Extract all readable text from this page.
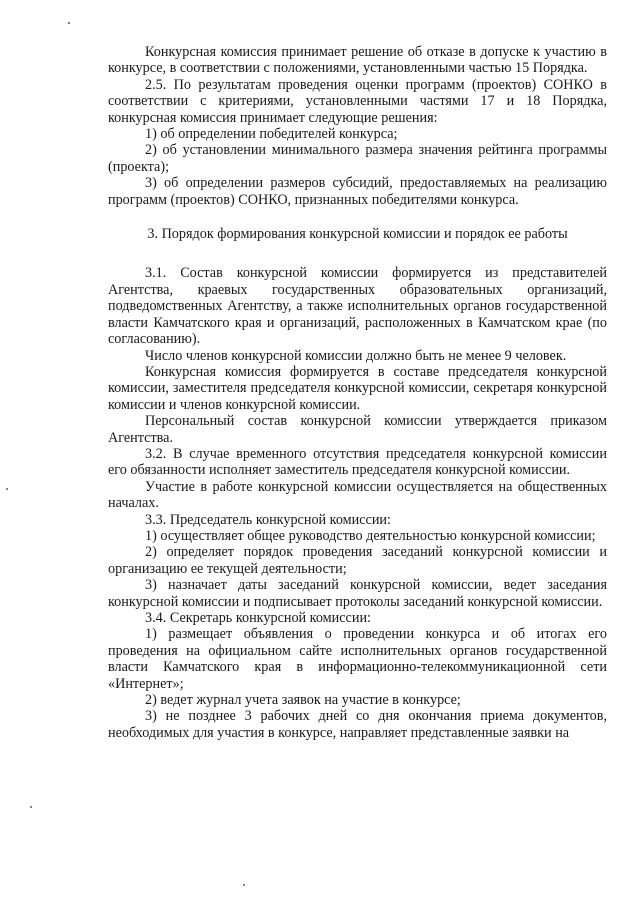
Конкурсная комиссия принимает решение об отказе в допуске к участию в конкурсе, в соответствии с положениями, установленными частью 15 Порядка.

2.5. По результатам проведения оценки программ (проектов) СОНКО в соответствии с критериями, установленными частями 17 и 18 Порядка, конкурсная комиссия принимает следующие решения:

1) об определении победителей конкурса;

2) об установлении минимального размера значения рейтинга программы (проекта);

3) об определении размеров субсидий, предоставляемых на реализацию программ (проектов) СОНКО, признанных победителями конкурса.

3. Порядок формирования конкурсной комиссии и порядок ее работы

3.1. Состав конкурсной комиссии формируется из представителей Агентства, краевых государственных образовательных организаций, подведомственных Агентству, а также исполнительных органов государственной власти Камчатского края и организаций, расположенных в Камчатском крае (по согласованию).

Число членов конкурсной комиссии должно быть не менее 9 человек.

Конкурсная комиссия формируется в составе председателя конкурсной комиссии, заместителя председателя конкурсной комиссии, секретаря конкурсной комиссии и членов конкурсной комиссии.

Персональный состав конкурсной комиссии утверждается приказом Агентства.

3.2. В случае временного отсутствия председателя конкурсной комиссии его обязанности исполняет заместитель председателя конкурсной комиссии.

Участие в работе конкурсной комиссии осуществляется на общественных началах.

3.3. Председатель конкурсной комиссии:

1) осуществляет общее руководство деятельностью конкурсной комиссии;

2) определяет порядок проведения заседаний конкурсной комиссии и организацию ее текущей деятельности;

3) назначает даты заседаний конкурсной комиссии, ведет заседания конкурсной комиссии и подписывает протоколы заседаний конкурсной комиссии.

3.4. Секретарь конкурсной комиссии:

1) размещает объявления о проведении конкурса и об итогах его проведения на официальном сайте исполнительных органов государственной власти Камчатского края в информационно-телекоммуникационной сети «Интернет»;

2) ведет журнал учета заявок на участие в конкурсе;

3) не позднее 3 рабочих дней со дня окончания приема документов, необходимых для участия в конкурсе, направляет представленные заявки на
